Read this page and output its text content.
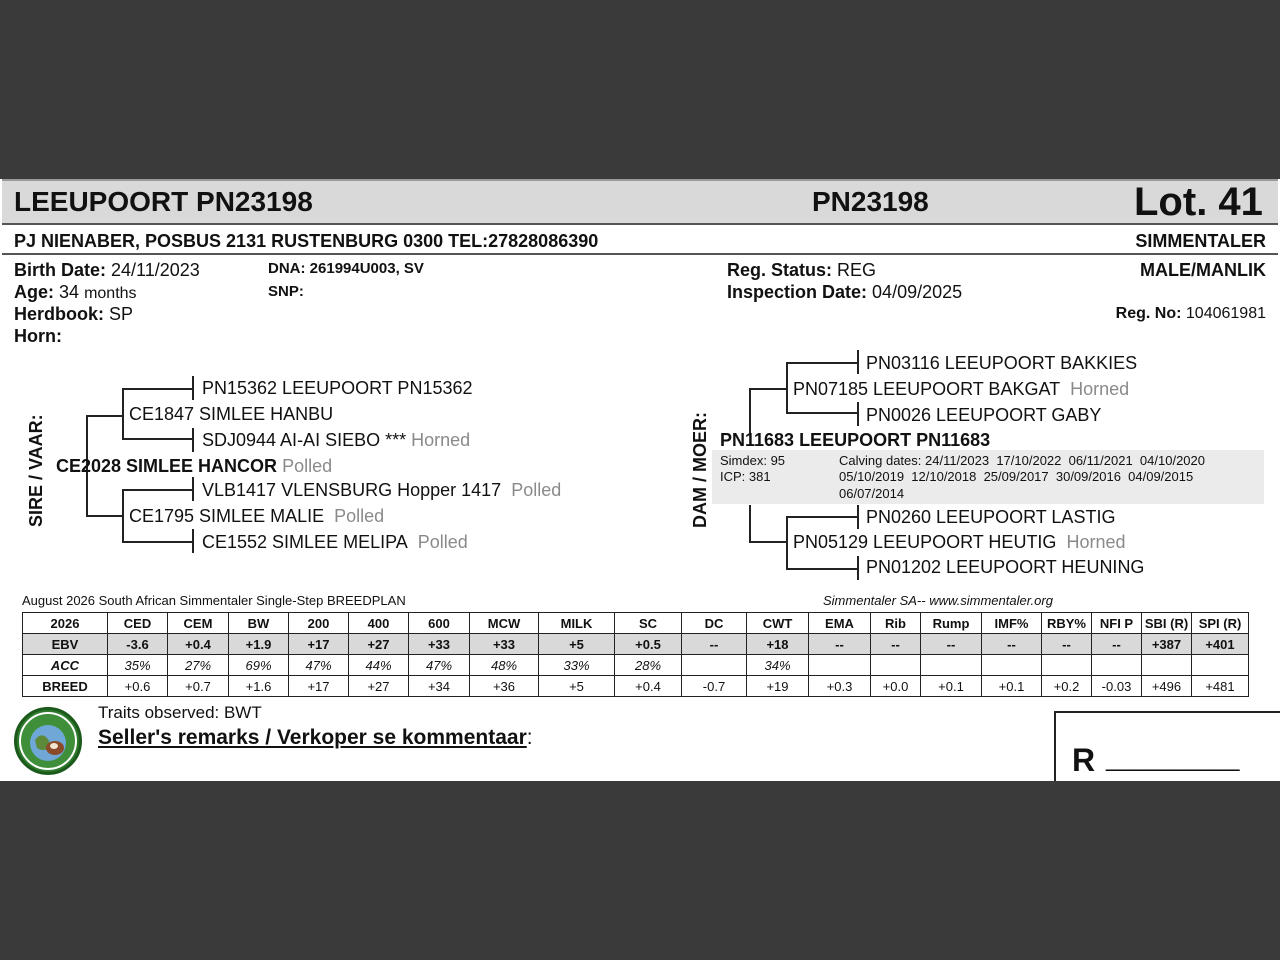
LEEUPOORT PN23198	PN23198	Lot. 41
PJ NIENABER, POSBUS 2131 RUSTENBURG 0300 TEL:27828086390	SIMMENTALER
Birth Date: 24/11/2023
Age: 34 months
Herdbook: SP
Horn:
DNA: 261994U003, SV
SNP:
Reg. Status: REG
Inspection Date: 04/09/2025
MALE/MANLIK
Reg. No: 104061981
SIRE / VAAR:
PN15362 LEEUPOORT PN15362
CE1847 SIMLEE HANBU
SDJ0944 AI-AI SIEBO *** Horned
CE2028 SIMLEE HANCOR Polled
VLB1417 VLENSBURG Hopper 1417 Polled
CE1795 SIMLEE MALIE Polled
CE1552 SIMLEE MELIPA Polled
DAM / MOER:
PN03116 LEEUPOORT BAKKIES
PN07185 LEEUPOORT BAKGAT Horned
PN0026 LEEUPOORT GABY
PN11683 LEEUPOORT PN11683
Simdex: 95
ICP: 381
Calving dates: 24/11/2023  17/10/2022  06/11/2021  04/10/2020
05/10/2019  12/10/2018  25/09/2017  30/09/2016  04/09/2015
06/07/2014
PN0260 LEEUPOORT LASTIG
PN05129 LEEUPOORT HEUTIG Horned
PN01202 LEEUPOORT HEUNING
August 2026 South African Simmentaler Single-Step BREEDPLAN	Simmentaler SA-- www.simmentaler.org
2026	CED	CEM	BW	200	400	600	MCW	MILK	SC	DC	CWT	EMA	Rib	Rump	IMF%	RBY%	NFI P	SBI (R)	SPI (R)
EBV	-3.6	+0.4	+1.9	+17	+27	+33	+33	+5	+0.5	--	+18	--	--	--	--	--	--	+387	+401
ACC	35%	27%	69%	47%	44%	47%	48%	33%	28%		34%								
BREED	+0.6	+0.7	+1.6	+17	+27	+34	+36	+5	+0.4	-0.7	+19	+0.3	+0.0	+0.1	+0.1	+0.2	-0.03	+496	+481
Traits observed: BWT
Seller's remarks / Verkoper se kommentaar:
R __________
